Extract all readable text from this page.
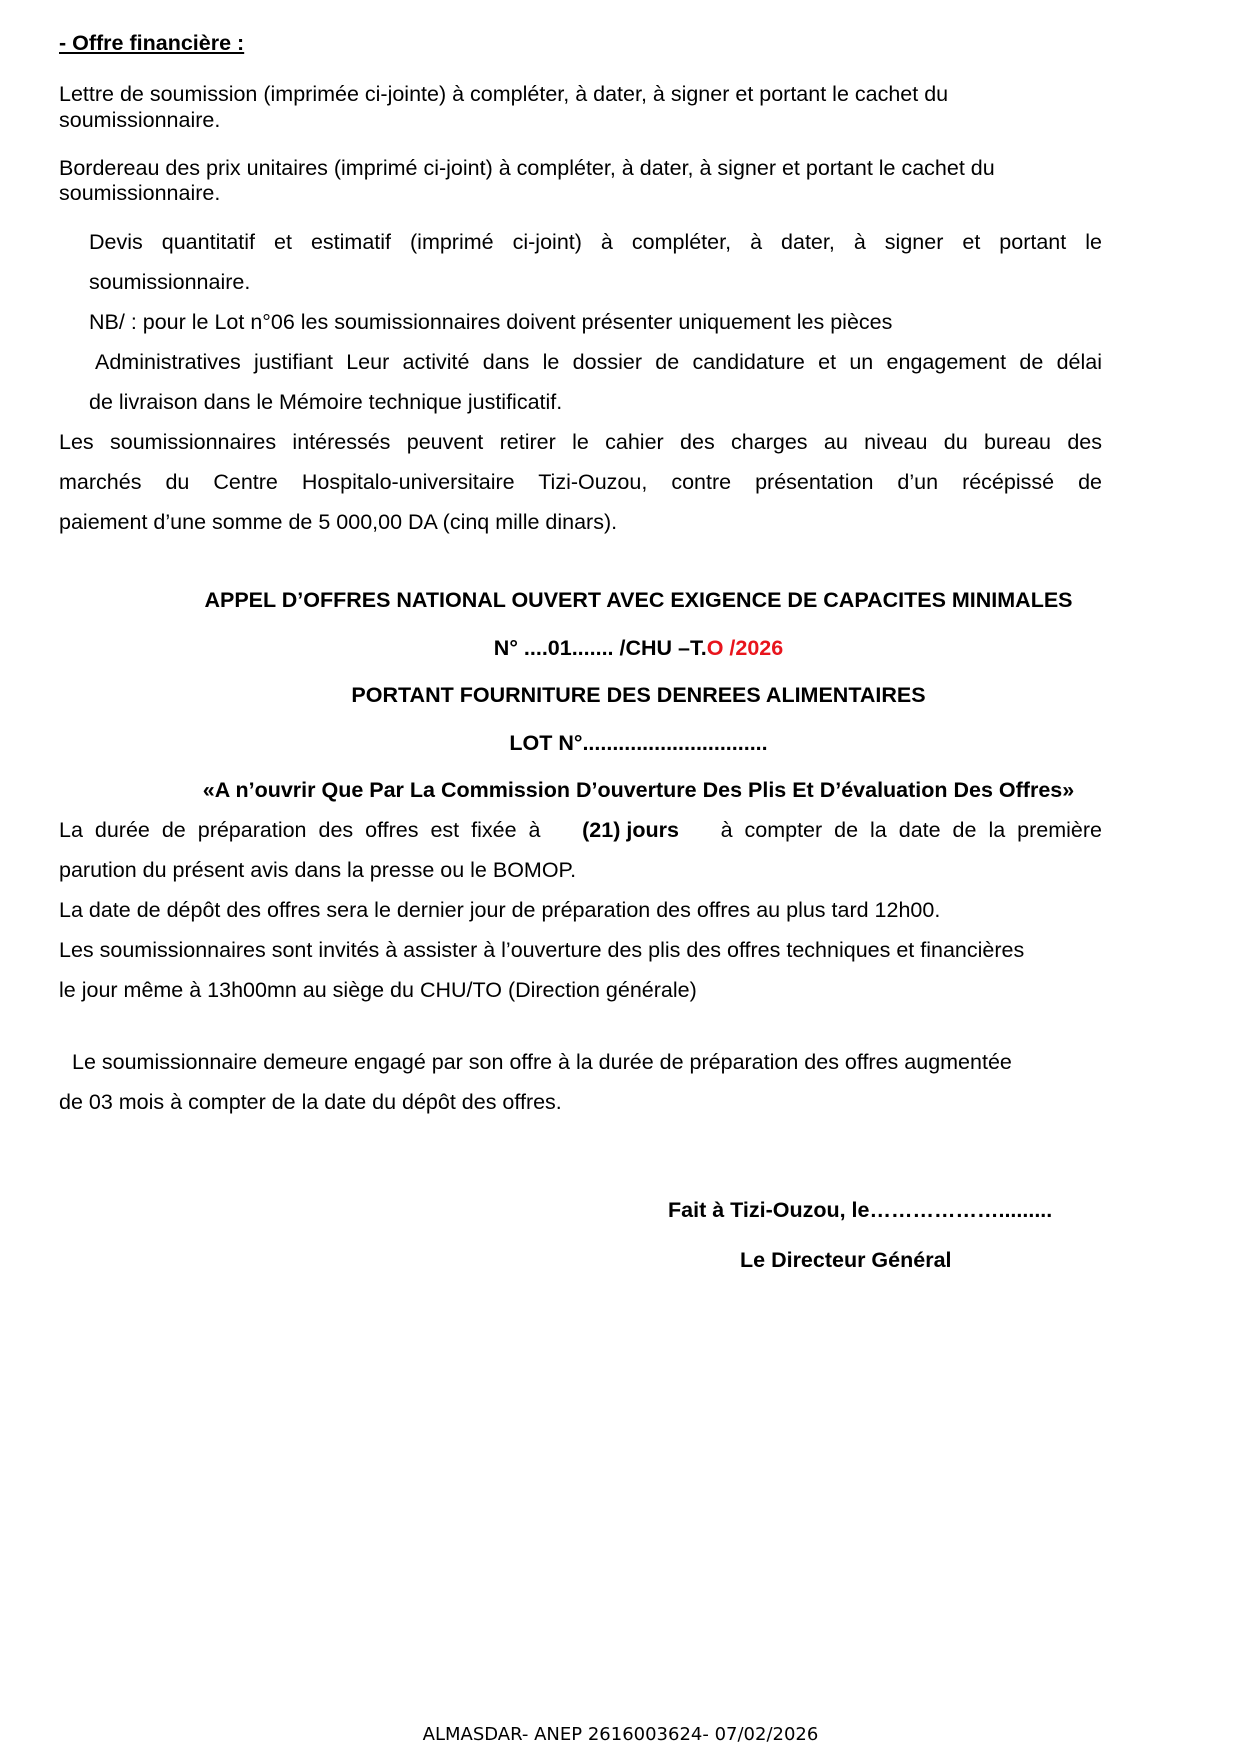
- Offre financière :
Lettre de soumission (imprimée ci-jointe) à compléter, à dater, à signer et portant le cachet du
soumissionnaire.
Bordereau des prix unitaires (imprimé ci-joint) à compléter, à dater, à signer et portant le cachet du
soumissionnaire.
Devis quantitatif et estimatif (imprimé ci-joint) à compléter, à dater, à signer et portant le
soumissionnaire.
NB/ : pour le Lot n°06 les soumissionnaires doivent présenter uniquement les pièces
Administratives justifiant Leur activité dans le dossier de candidature et un engagement de délai
de livraison dans le Mémoire technique justificatif.
Les soumissionnaires intéressés peuvent retirer le cahier des charges au niveau du bureau des
marchés du Centre Hospitalo-universitaire Tizi-Ouzou, contre présentation d’un récépissé de
paiement d’une somme de 5 000,00 DA (cinq mille dinars).
APPEL D’OFFRES NATIONAL OUVERT AVEC EXIGENCE DE CAPACITES MINIMALES
N° ....01....... /CHU –T.O /2026
PORTANT FOURNITURE DES DENREES ALIMENTAIRES
LOT N°...............................
«A n’ouvrir Que Par La Commission D’ouverture Des Plis Et D’évaluation Des Offres»
La durée de préparation des offres est fixée à (21) jours à compter de la date de la première
parution du présent avis dans la presse ou le BOMOP.
La date de dépôt des offres sera le dernier jour de préparation des offres au plus tard 12h00.
Les soumissionnaires sont invités à assister à l’ouverture des plis des offres techniques et financières
le jour même à 13h00mn au siège du CHU/TO (Direction générale)
Le soumissionnaire demeure engagé par son offre à la durée de préparation des offres augmentée
de 03 mois à compter de la date du dépôt des offres.
Fait à Tizi-Ouzou, le……………….........
Le Directeur Général
ALMASDAR- ANEP 2616003624- 07/02/2026
